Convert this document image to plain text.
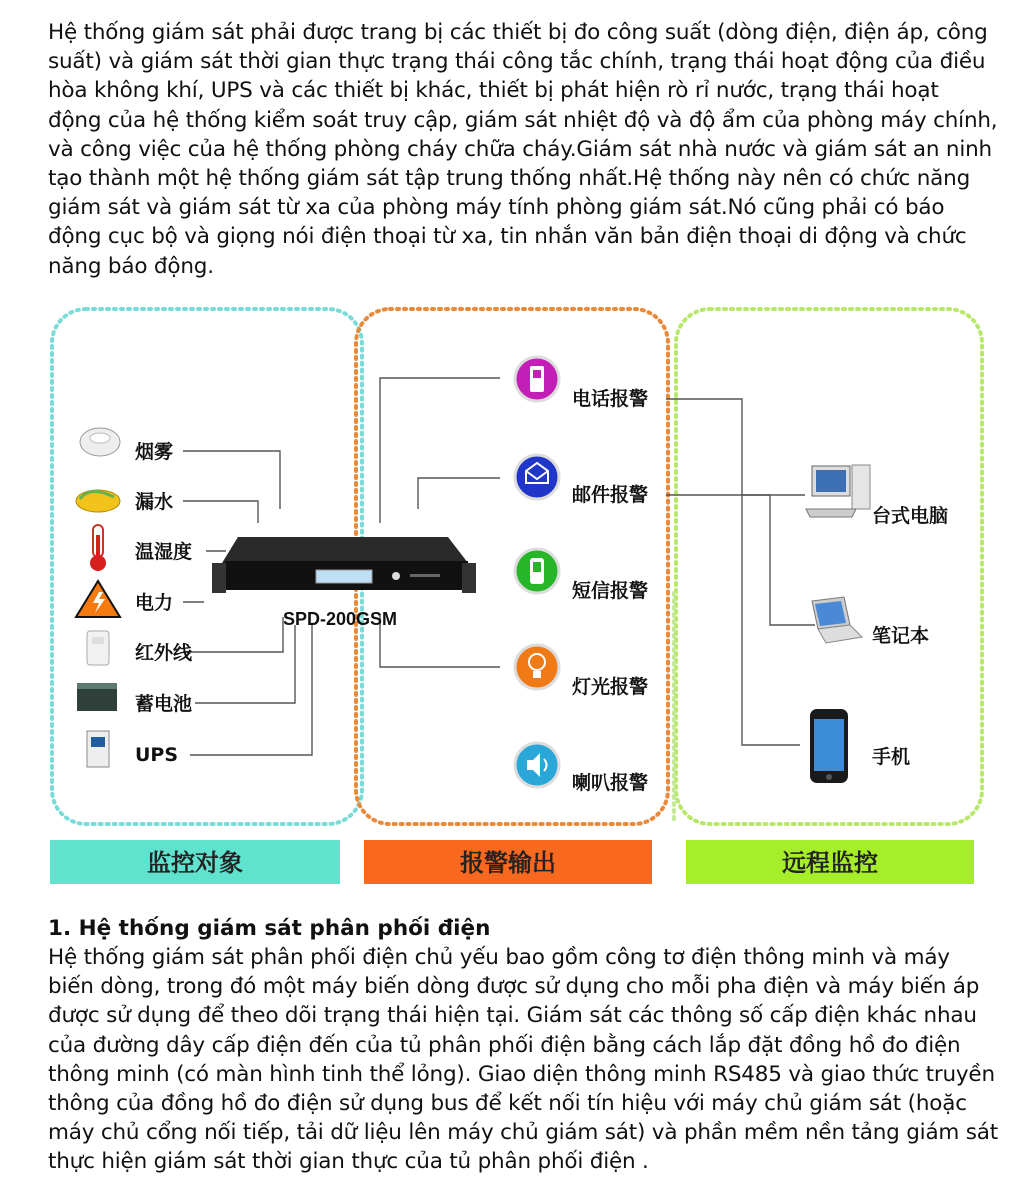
Hệ thống giám sát phải được trang bị các thiết bị đo công suất (dòng điện, điện áp, công suất) và giám sát thời gian thực trạng thái công tắc chính, trạng thái hoạt động của điều hòa không khí, UPS và các thiết bị khác, thiết bị phát hiện rò rỉ nước, trạng thái hoạt động của hệ thống kiểm soát truy cập, giám sát nhiệt độ và độ ẩm của phòng máy chính, và công việc của hệ thống phòng cháy chữa cháy.Giám sát nhà nước và giám sát an ninh tạo thành một hệ thống giám sát tập trung thống nhất.Hệ thống này nên có chức năng giám sát và giám sát từ xa của phòng máy tính phòng giám sát.Nó cũng phải có báo động cục bộ và giọng nói điện thoại từ xa, tin nhắn văn bản điện thoại di động và chức năng báo động.

SPD-200GSM
烟雾
漏水
温湿度
电力
红外线
蓄电池
UPS
电话报警
邮件报警
短信报警
灯光报警
喇叭报警
台式电脑
笔记本
手机
监控对象	报警输出	远程监控
1. Hệ thống giám sát phân phối điện

Hệ thống giám sát phân phối điện chủ yếu bao gồm công tơ điện thông minh và máy biến dòng, trong đó một máy biến dòng được sử dụng cho mỗi pha điện và máy biến áp được sử dụng để theo dõi trạng thái hiện tại. Giám sát các thông số cấp điện khác nhau của đường dây cấp điện đến của tủ phân phối điện bằng cách lắp đặt đồng hồ đo điện thông minh (có màn hình tinh thể lỏng). Giao diện thông minh RS485 và giao thức truyền thông của đồng hồ đo điện sử dụng bus để kết nối tín hiệu với máy chủ giám sát (hoặc máy chủ cổng nối tiếp, tải dữ liệu lên máy chủ giám sát) và phần mềm nền tảng giám sát thực hiện giám sát thời gian thực của tủ phân phối điện .
